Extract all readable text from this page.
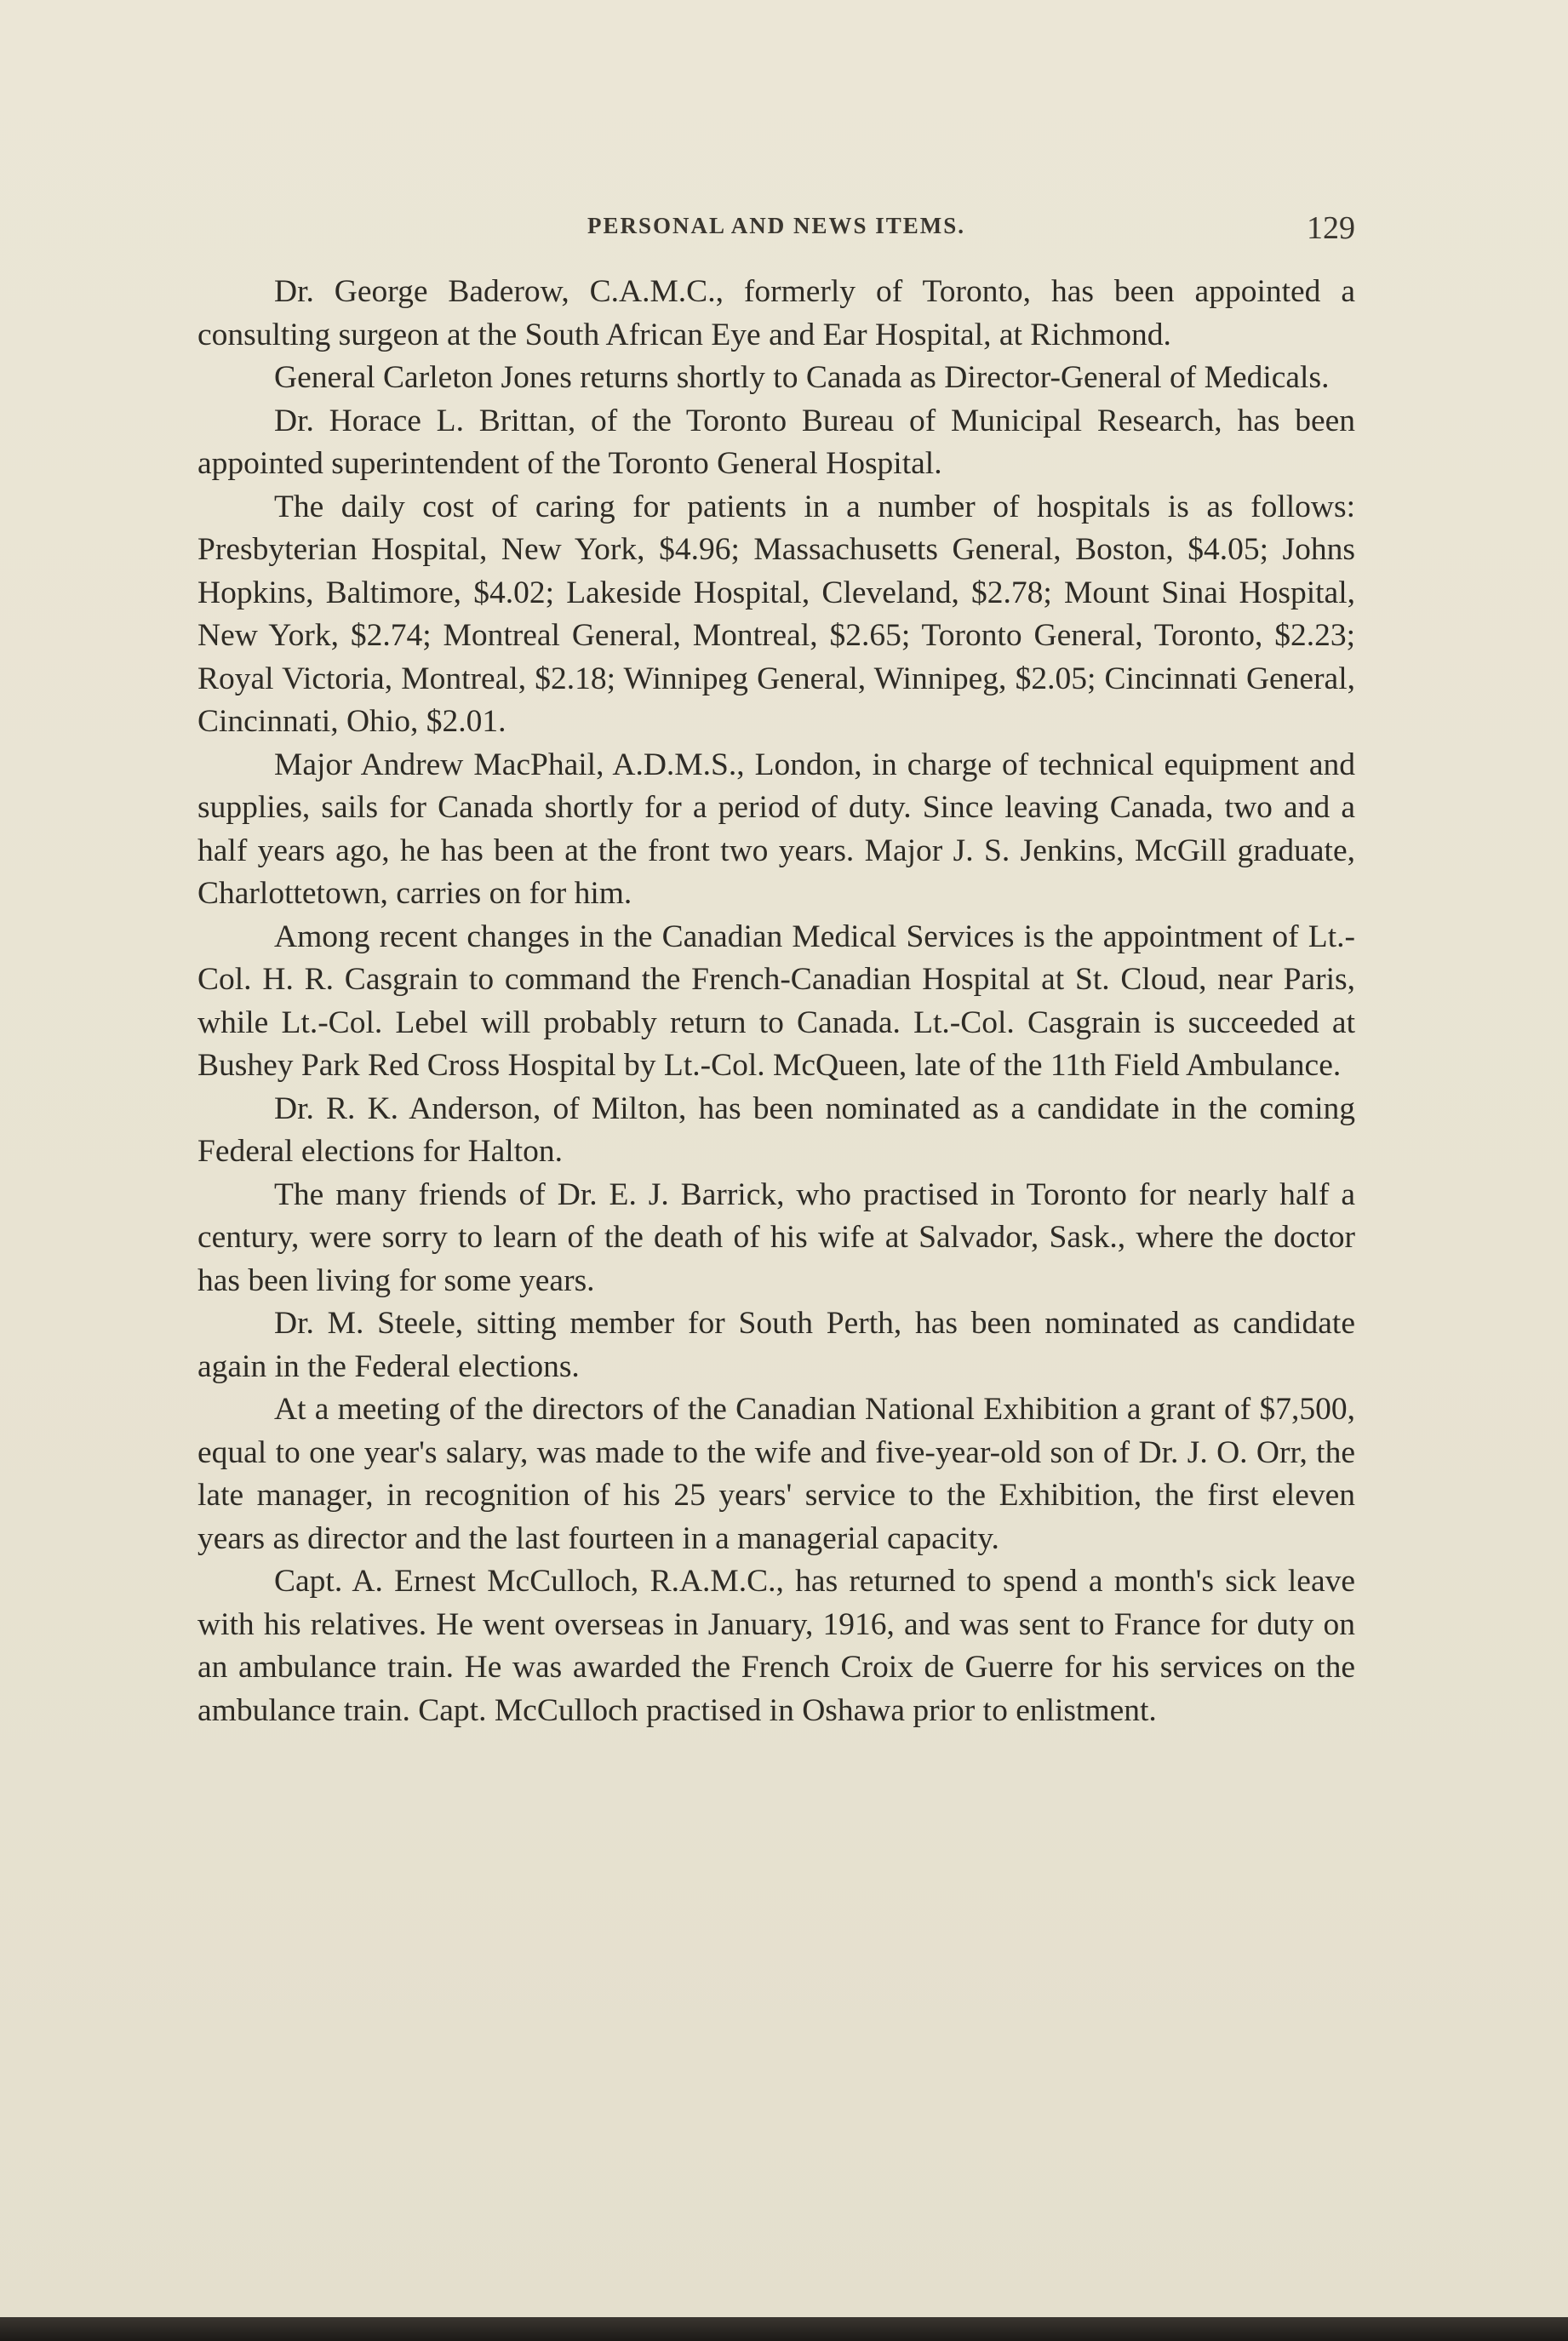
PERSONAL AND NEWS ITEMS.	129

Dr. George Baderow, C.A.M.C., formerly of Toronto, has been appointed a consulting surgeon at the South African Eye and Ear Hospital, at Richmond.

General Carleton Jones returns shortly to Canada as Director-General of Medicals.

Dr. Horace L. Brittan, of the Toronto Bureau of Municipal Research, has been appointed superintendent of the Toronto General Hospital.

The daily cost of caring for patients in a number of hospitals is as follows: Presbyterian Hospital, New York, $4.96; Massachusetts General, Boston, $4.05; Johns Hopkins, Baltimore, $4.02; Lakeside Hospital, Cleveland, $2.78; Mount Sinai Hospital, New York, $2.74; Montreal General, Montreal, $2.65; Toronto General, Toronto, $2.23; Royal Victoria, Montreal, $2.18; Winnipeg General, Winnipeg, $2.05; Cincinnati General, Cincinnati, Ohio, $2.01.

Major Andrew MacPhail, A.D.M.S., London, in charge of technical equipment and supplies, sails for Canada shortly for a period of duty. Since leaving Canada, two and a half years ago, he has been at the front two years. Major J. S. Jenkins, McGill graduate, Charlottetown, carries on for him.

Among recent changes in the Canadian Medical Services is the appointment of Lt.-Col. H. R. Casgrain to command the French-Canadian Hospital at St. Cloud, near Paris, while Lt.-Col. Lebel will probably return to Canada. Lt.-Col. Casgrain is succeeded at Bushey Park Red Cross Hospital by Lt.-Col. McQueen, late of the 11th Field Ambulance.

Dr. R. K. Anderson, of Milton, has been nominated as a candidate in the coming Federal elections for Halton.

The many friends of Dr. E. J. Barrick, who practised in Toronto for nearly half a century, were sorry to learn of the death of his wife at Salvador, Sask., where the doctor has been living for some years.

Dr. M. Steele, sitting member for South Perth, has been nominated as candidate again in the Federal elections.

At a meeting of the directors of the Canadian National Exhibition a grant of $7,500, equal to one year's salary, was made to the wife and five-year-old son of Dr. J. O. Orr, the late manager, in recognition of his 25 years' service to the Exhibition, the first eleven years as director and the last fourteen in a managerial capacity.

Capt. A. Ernest McCulloch, R.A.M.C., has returned to spend a month's sick leave with his relatives. He went overseas in January, 1916, and was sent to France for duty on an ambulance train. He was awarded the French Croix de Guerre for his services on the ambulance train. Capt. McCulloch practised in Oshawa prior to enlistment.
